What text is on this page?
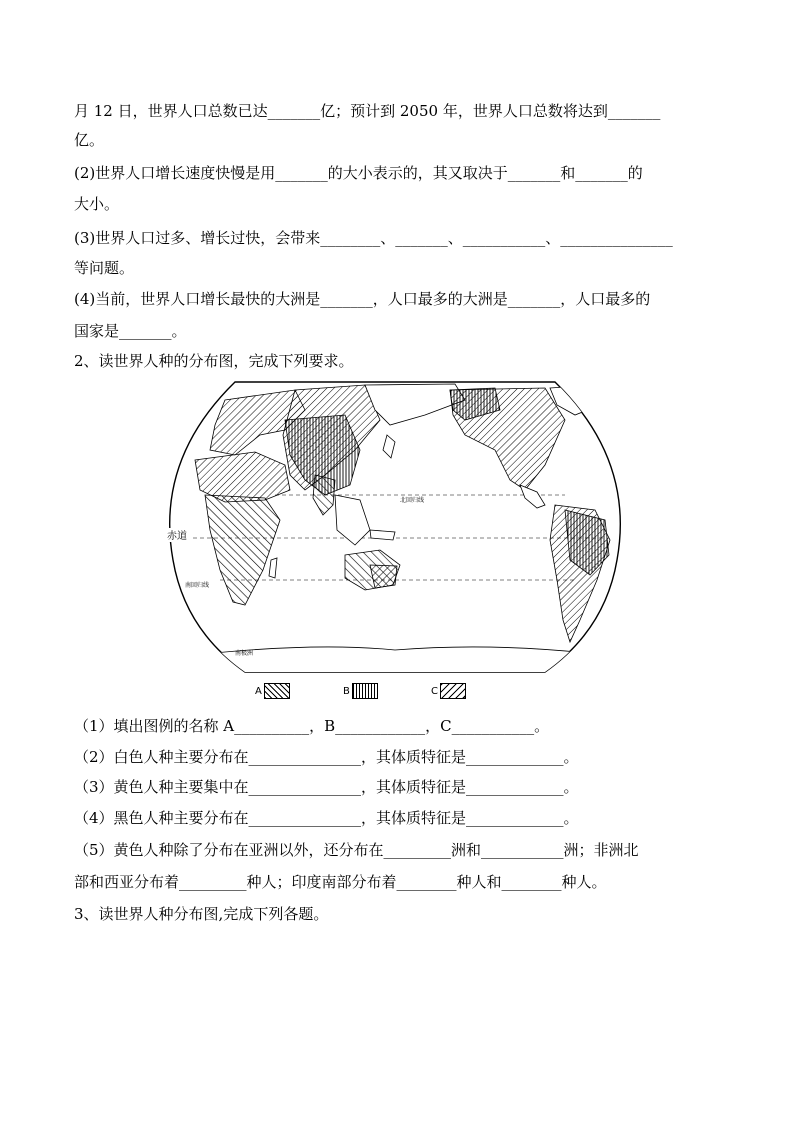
月 12 日，世界人口总数已达_______亿；预计到 2050 年，世界人口总数将达到_______
亿。
(2)世界人口增长速度快慢是用_______的大小表示的，其又取决于_______和_______的
大小。
(3)世界人口过多、增长过快，会带来________、_______、___________、_______________
等问题。
(4)当前，世界人口增长最快的大洲是_______，人口最多的大洲是_______，人口最多的
国家是_______。
2、读世界人种的分布图，完成下列要求。
赤道
北回归线
南回归线
南极洲
A	B	C
（1）填出图例的名称 A__________，B____________，C___________。
（2）白色人种主要分布在_______________，其体质特征是_____________。
（3）黄色人种主要集中在_______________，其体质特征是_____________。
（4）黑色人种主要分布在_______________，其体质特征是_____________。
（5）黄色人种除了分布在亚洲以外，还分布在_________洲和___________洲；非洲北
部和西亚分布着_________种人；印度南部分布着________种人和________种人。
3、读世界人种分布图,完成下列各题。
